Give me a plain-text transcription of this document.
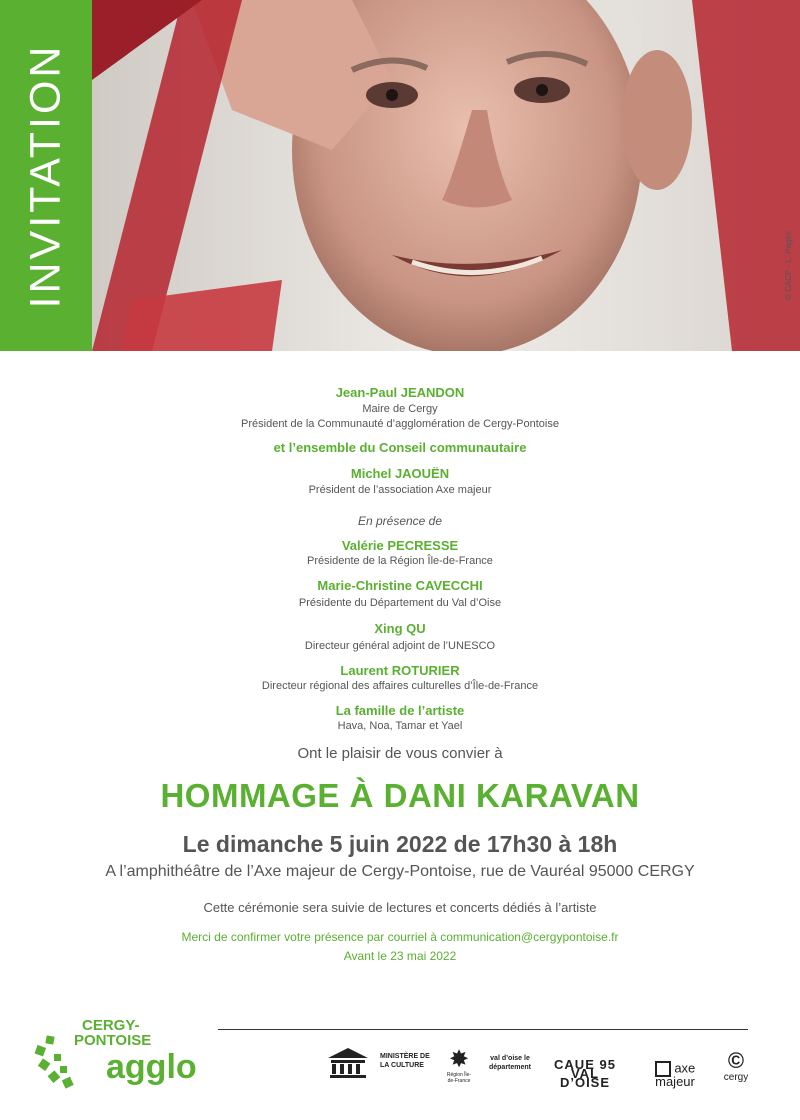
INVITATION	© CACP - L. Pagès
Jean-Paul JEANDON
Maire de Cergy
Président de la Communauté d’agglomération de Cergy-Pontoise
et l’ensemble du Conseil communautaire
Michel JAOUËN
Président de l’association Axe majeur
En présence de
Valérie PECRESSE
Présidente de la Région Île-de-France
Marie-Christine CAVECCHI
Présidente du Département du Val d’Oise
Xing QU
Directeur général adjoint de l’UNESCO
Laurent ROTURIER
Directeur régional des affaires culturelles d’Île-de-France
La famille de l’artiste
Hava, Noa, Tamar et Yael
Ont le plaisir de vous convier à
HOMMAGE À DANI KARAVAN
Le dimanche 5 juin 2022 de 17h30 à 18h
A l’amphithéâtre de l’Axe majeur de Cergy-Pontoise, rue de Vauréal 95000 CERGY
Cette cérémonie sera suivie de lectures et concerts dédiés à l’artiste
Merci de confirmer votre présence par courriel à communication@cergypontoise.fr
Avant le 23 mai 2022
CERGY-
PONTOISE
agglo	MINISTÈRE DE LA CULTURE	✸
Région Île-de-France
val d’oise le département	CAUE 95 VAL D’OISE
axe majeur
©
cergy
